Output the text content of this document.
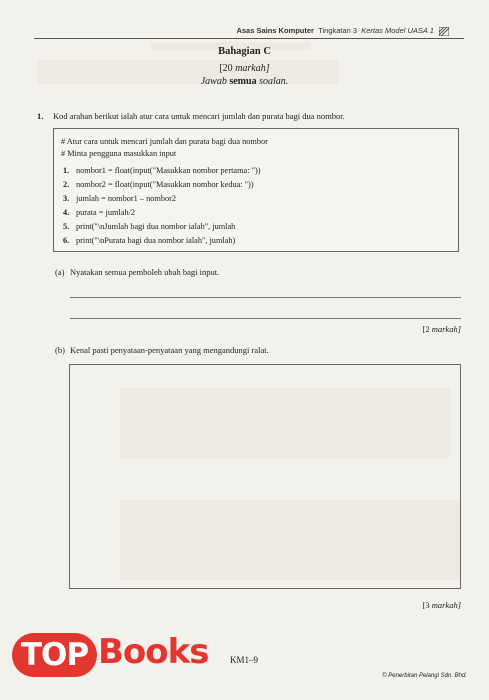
Asas Sains Komputer Tingkatan 3 Kertas Model UASA 1
Bahagian C
[20 markah]
Jawab semua soalan.
1. Kod arahan berikut ialah atur cara untuk mencari jumlah dan purata bagi dua nombor.
# Atur cara untuk mencari jumlah dan purata bagi dua nombor
# Minta pengguna masukkan input
1. nombor1 = float(input("Masukkan nombor pertama: "))
2. nombor2 = float(input("Masukkan nombor kedua: "))
3. jumlah = nombor1 – nombor2
4. purata = jumlah/2
5. print("\nJumlah bagi dua nombor ialah", jumlah
6. print("\nPurata bagi dua nombor ialah", jumlah)
(a) Nyatakan semua pemboleh ubah bagi input.
[2 markah]
(b) Kenal pasti penyataan-penyataan yang mengandungi ralat.
[3 markah]
KM1–9
© Penerbitan Pelangi Sdn. Bhd.
TOP Books
